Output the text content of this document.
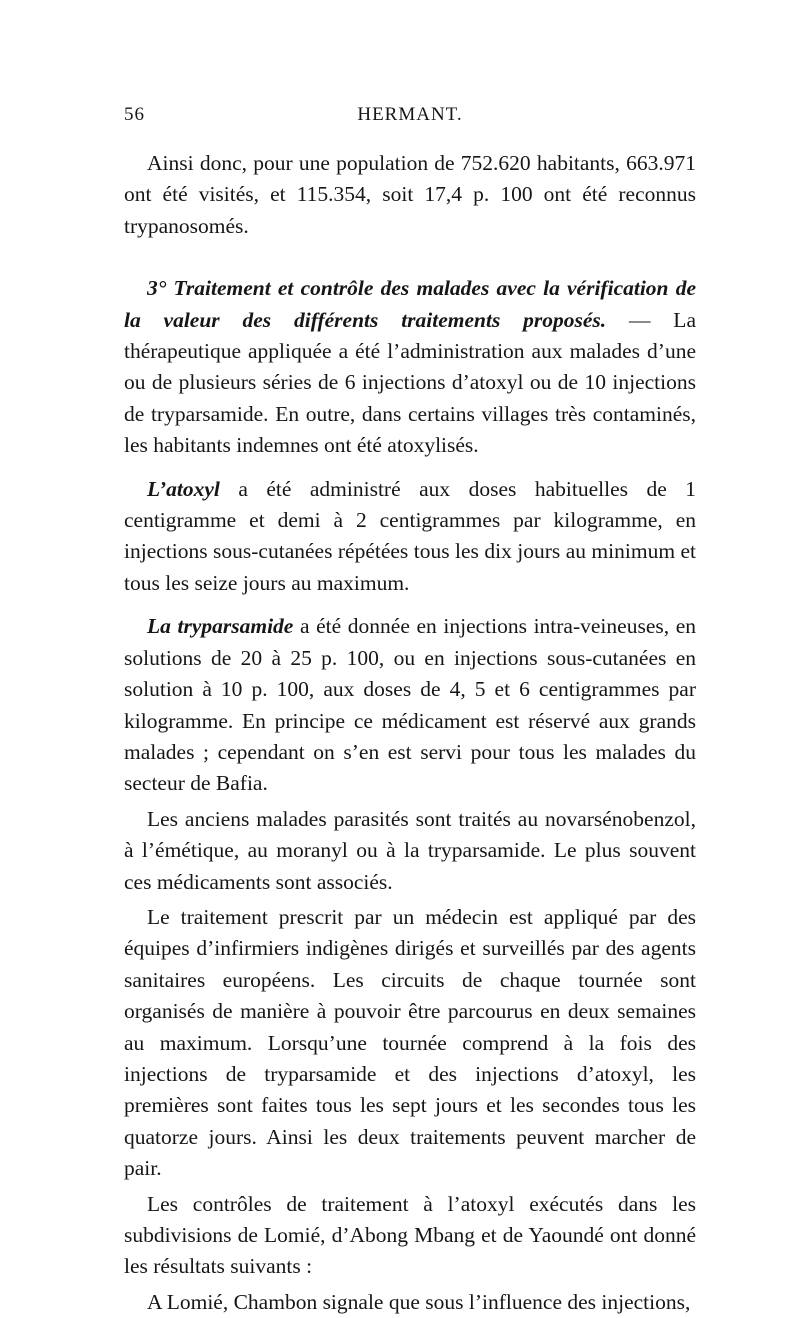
56	HERMANT.

Ainsi donc, pour une population de 752.620 habitants, 663.971 ont été visités, et 115.354, soit 17,4 p. 100 ont été reconnus trypanosomés.

3° Traitement et contrôle des malades avec la vérification de la valeur des différents traitements proposés. — La thérapeutique appliquée a été l’administration aux malades d’une ou de plusieurs séries de 6 injections d’atoxyl ou de 10 injections de tryparsamide. En outre, dans certains villages très contaminés, les habitants indemnes ont été atoxylisés.

L’atoxyl a été administré aux doses habituelles de 1 centigramme et demi à 2 centigrammes par kilogramme, en injections sous-cutanées répétées tous les dix jours au minimum et tous les seize jours au maximum.

La tryparsamide a été donnée en injections intra-veineuses, en solutions de 20 à 25 p. 100, ou en injections sous-cutanées en solution à 10 p. 100, aux doses de 4, 5 et 6 centigrammes par kilogramme. En principe ce médicament est réservé aux grands malades ; cependant on s’en est servi pour tous les malades du secteur de Bafia.

Les anciens malades parasités sont traités au novarsénobenzol, à l’émétique, au moranyl ou à la tryparsamide. Le plus souvent ces médicaments sont associés.

Le traitement prescrit par un médecin est appliqué par des équipes d’infirmiers indigènes dirigés et surveillés par des agents sanitaires européens. Les circuits de chaque tournée sont organisés de manière à pouvoir être parcourus en deux semaines au maximum. Lorsqu’une tournée comprend à la fois des injections de tryparsamide et des injections d’atoxyl, les premières sont faites tous les sept jours et les secondes tous les quatorze jours. Ainsi les deux traitements peuvent marcher de pair.

Les contrôles de traitement à l’atoxyl exécutés dans les subdivisions de Lomié, d’Abong Mbang et de Yaoundé ont donné les résultats suivants :

A Lomié, Chambon signale que sous l’influence des injections,
